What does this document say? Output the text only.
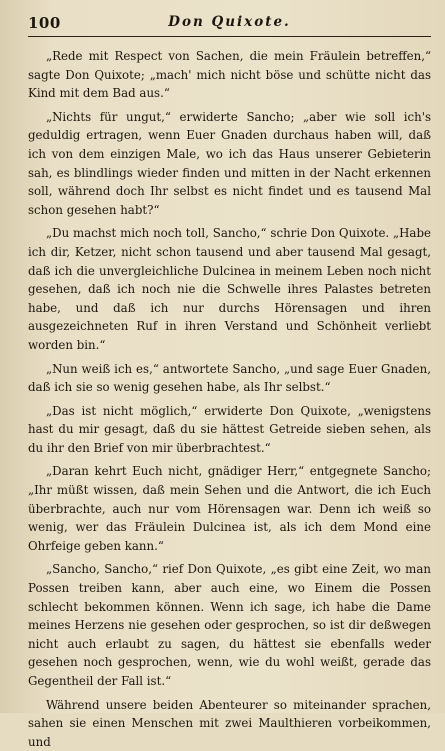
100	Don Quixote.

„Rede mit Respect von Sachen, die mein Fräulein betreffen,“ sagte Don Quixote; „mach' mich nicht böse und schütte nicht das Kind mit dem Bad aus.“

„Nichts für ungut,“ erwiderte Sancho; „aber wie soll ich's geduldig ertragen, wenn Euer Gnaden durchaus haben will, daß ich von dem einzigen Male, wo ich das Haus unserer Gebieterin sah, es blindlings wieder finden und mitten in der Nacht erkennen soll, während doch Ihr selbst es nicht findet und es tausend Mal schon gesehen habt?“

„Du machst mich noch toll, Sancho,“ schrie Don Quixote. „Habe ich dir, Ketzer, nicht schon tausend und aber tausend Mal gesagt, daß ich die unvergleichliche Dulcinea in meinem Leben noch nicht gesehen, daß ich noch nie die Schwelle ihres Palastes betreten habe, und daß ich nur durchs Hörensagen und ihren ausgezeichneten Ruf in ihren Verstand und Schönheit verliebt worden bin.“

„Nun weiß ich es,“ antwortete Sancho, „und sage Euer Gnaden, daß ich sie so wenig gesehen habe, als Ihr selbst.“

„Das ist nicht möglich,“ erwiderte Don Quixote, „wenigstens hast du mir gesagt, daß du sie hättest Getreide sieben sehen, als du ihr den Brief von mir überbrachtest.“

„Daran kehrt Euch nicht, gnädiger Herr,“ entgegnete Sancho; „Ihr müßt wissen, daß mein Sehen und die Antwort, die ich Euch überbrachte, auch nur vom Hörensagen war. Denn ich weiß so wenig, wer das Fräulein Dulcinea ist, als ich dem Mond eine Ohrfeige geben kann.“

„Sancho, Sancho,“ rief Don Quixote, „es gibt eine Zeit, wo man Possen treiben kann, aber auch eine, wo Einem die Possen schlecht bekommen können. Wenn ich sage, ich habe die Dame meines Herzens nie gesehen oder gesprochen, so ist dir deßwegen nicht auch erlaubt zu sagen, du hättest sie ebenfalls weder gesehen noch gesprochen, wenn, wie du wohl weißt, gerade das Gegentheil der Fall ist.“

Während unsere beiden Abenteurer so miteinander sprachen, sahen sie einen Menschen mit zwei Maulthieren vorbeikommen, und
